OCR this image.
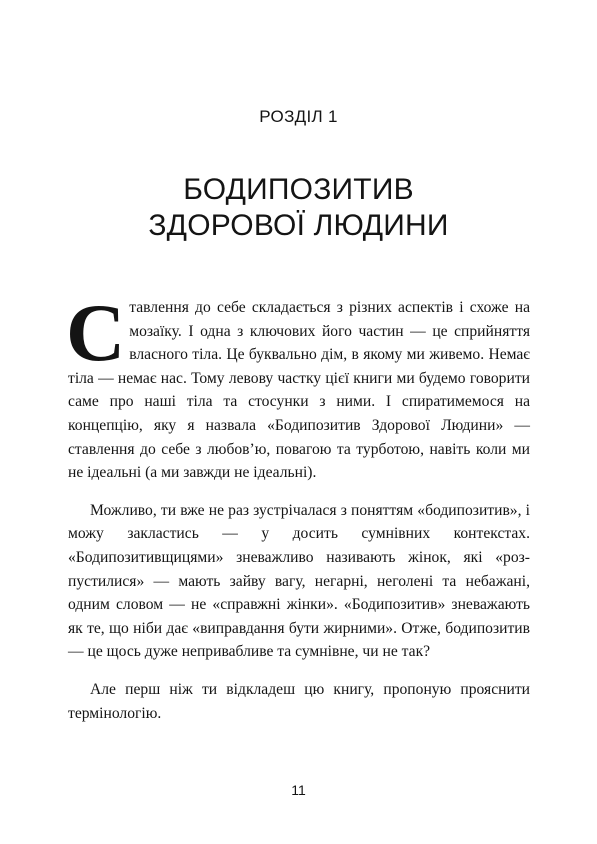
РОЗДІЛ 1
БОДИПОЗИТИВ
ЗДОРОВОЇ ЛЮДИНИ

Ставлення до себе складається з різних аспектів і схоже на мозаїку. І одна з ключових його частин — це сприйняття власного тіла. Це буквально дім, в якому ми живемо. Немає тіла — немає нас. Тому левову частку цієї книги ми будемо говорити саме про наші тіла та стосунки з ними. І спиратимемося на концепцію, яку я назвала «Бодипозитив Здорової Людини» — ставлення до себе з любов’ю, повагою та турботою, навіть коли ми не ідеальні (а ми завжди не ідеальні).

Можливо, ти вже не раз зустрічалася з поняттям «бодипозитив», і можу закластись — у досить сумнівних контекстах. «Бодипозитивщицями» зневажливо називають жінок, які «розпустилися» — мають зайву вагу, негарні, неголені та небажані, одним словом — не «справжні жінки». «Бодипозитив» зневажають як те, що ніби дає «виправдання бути жирними». Отже, бодипозитив — це щось дуже непривабливе та сумнівне, чи не так?

Але перш ніж ти відкладеш цю книгу, пропоную прояснити термінологію.

11
